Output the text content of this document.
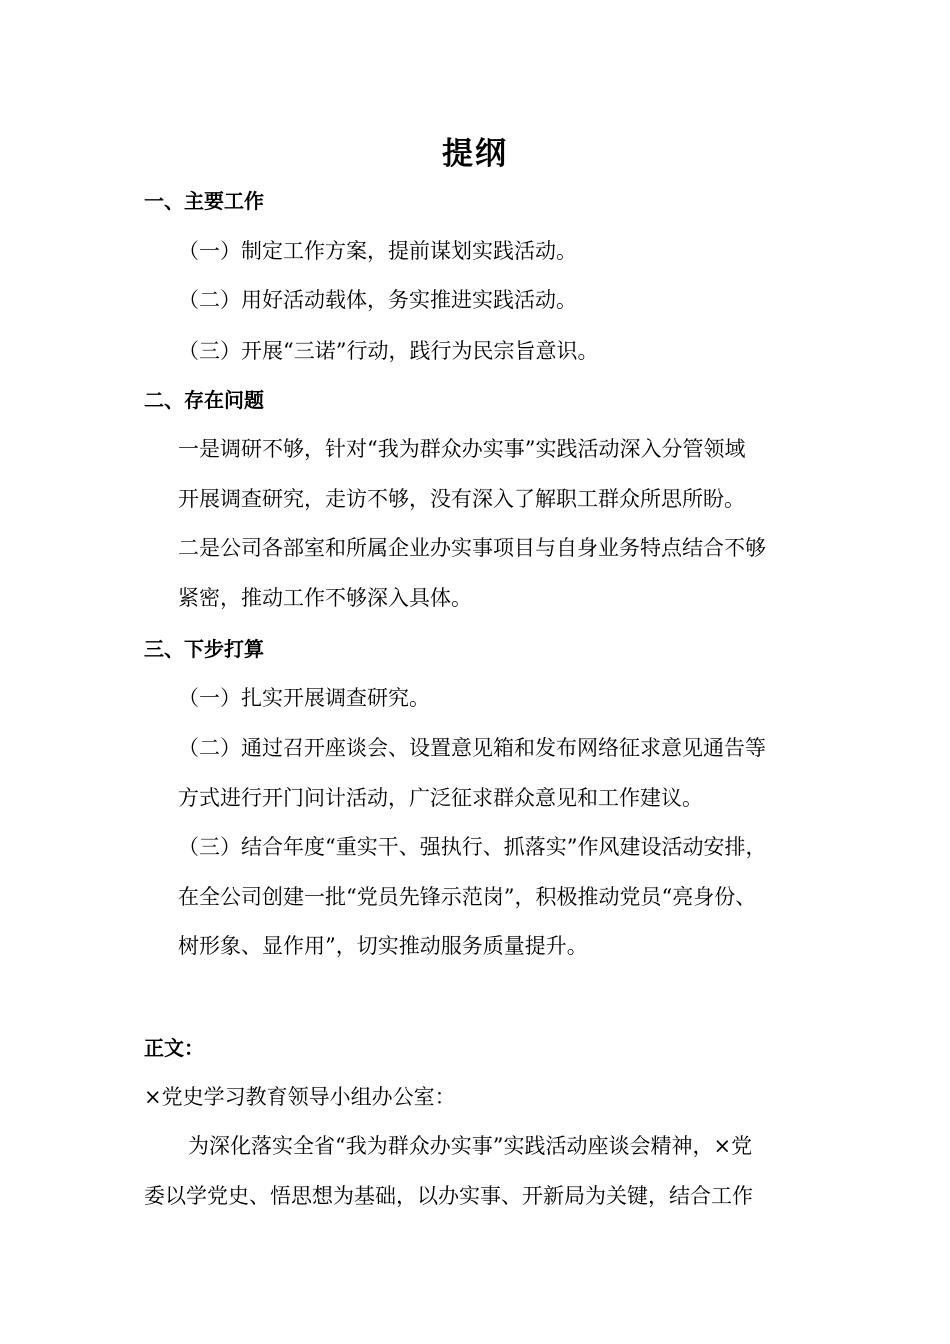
提纲
一、主要工作
（一）制定工作方案，提前谋划实践活动。
（二）用好活动载体，务实推进实践活动。
（三）开展“三诺”行动，践行为民宗旨意识。
二、存在问题
一是调研不够，针对“我为群众办实事”实践活动深入分管领域
开展调查研究，走访不够，没有深入了解职工群众所思所盼。
二是公司各部室和所属企业办实事项目与自身业务特点结合不够
紧密，推动工作不够深入具体。
三、下步打算
（一）扎实开展调查研究。
（二）通过召开座谈会、设置意见箱和发布网络征求意见通告等
方式进行开门问计活动，广泛征求群众意见和工作建议。
（三）结合年度“重实干、强执行、抓落实”作风建设活动安排，
在全公司创建一批“党员先锋示范岗”，积极推动党员“亮身份、
树形象、显作用”，切实推动服务质量提升。
正文：
×党史学习教育领导小组办公室：
为深化落实全省“我为群众办实事”实践活动座谈会精神，×党
委以学党史、悟思想为基础，以办实事、开新局为关键，结合工作
